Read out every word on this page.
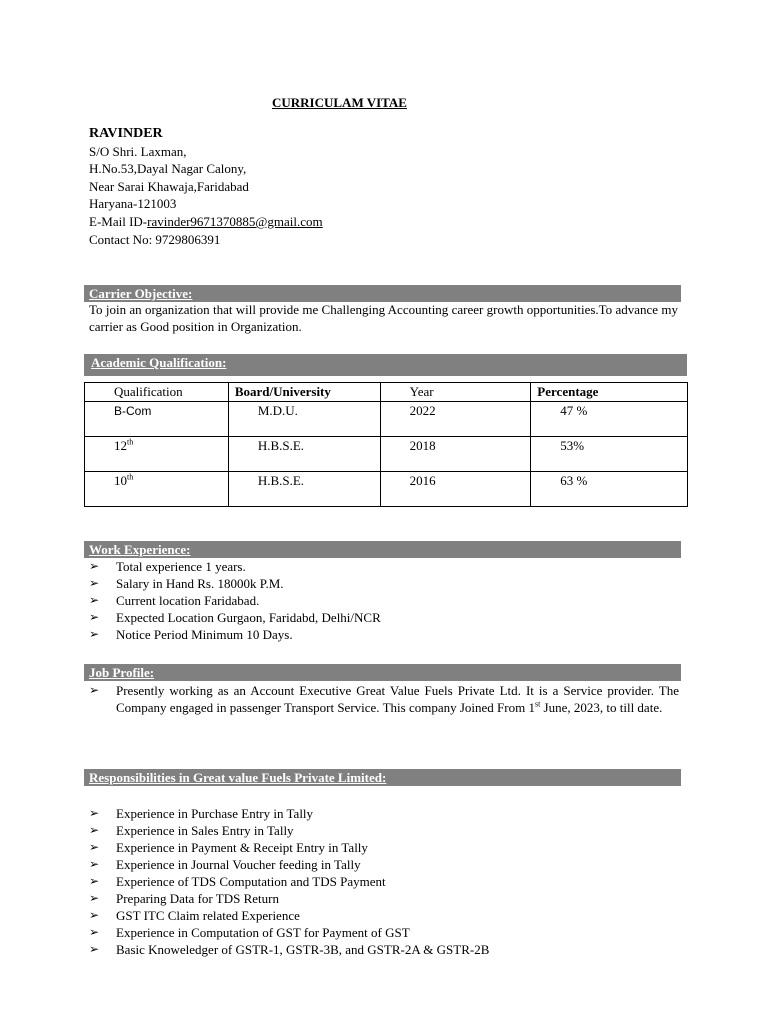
CURRICULAM VITAE
RAVINDER
S/O Shri. Laxman,
H.No.53,Dayal Nagar Calony,
Near Sarai Khawaja,Faridabad
Haryana-121003
E-Mail ID-ravinder9671370885@gmail.com
Contact No: 9729806391
Carrier Objective:
To join an organization that will provide me Challenging Accounting career growth opportunities.To advance my carrier as Good position in Organization.
Academic Qualification:
Qualification	Board/University	Year	Percentage
B-Com	M.D.U.	2022	47 %
12th	H.B.S.E.	2018	53%
10th	H.B.S.E.	2016	63 %
Work Experience:
➢ Total experience 1 years.
➢ Salary in Hand Rs. 18000k P.M.
➢ Current location Faridabad.
➢ Expected Location Gurgaon, Faridabd, Delhi/NCR
➢ Notice Period Minimum 10 Days.
Job Profile:
➢ Presently working as an Account Executive Great Value Fuels Private Ltd. It is a Service provider. The Company engaged in passenger Transport Service. This company Joined From 1st June, 2023, to till date.
Responsibilities in Great value Fuels Private Limited:
➢ Experience in Purchase Entry in Tally
➢ Experience in Sales Entry in Tally
➢ Experience in Payment & Receipt Entry in Tally
➢ Experience in Journal Voucher feeding in Tally
➢ Experience of TDS Computation and TDS Payment
➢ Preparing Data for TDS Return
➢ GST ITC Claim related Experience
➢ Experience in Computation of GST for Payment of GST
➢ Basic Knoweledger of GSTR-1, GSTR-3B, and GSTR-2A & GSTR-2B
